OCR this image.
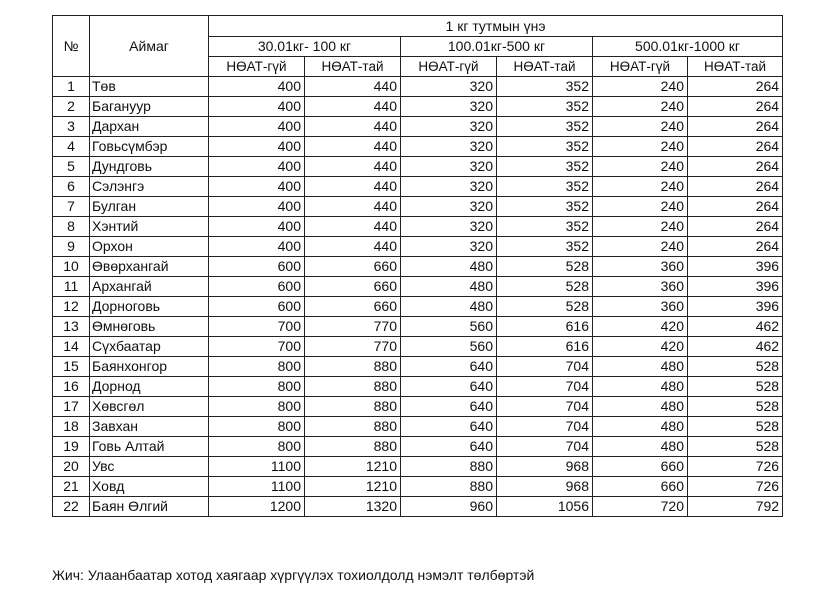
№	Аймаг	1 кг тутмын үнэ					
		30.01кг- 100 кг		100.01кг-500 кг		500.01кг-1000 кг	
		НӨАТ-гүй	НӨАТ-тай	НӨАТ-гүй	НӨАТ-тай	НӨАТ-гүй	НӨАТ-тай
1	Төв	400	440	320	352	240	264
2	Багануур	400	440	320	352	240	264
3	Дархан	400	440	320	352	240	264
4	Говьсүмбэр	400	440	320	352	240	264
5	Дундговь	400	440	320	352	240	264
6	Сэлэнгэ	400	440	320	352	240	264
7	Булган	400	440	320	352	240	264
8	Хэнтий	400	440	320	352	240	264
9	Орхон	400	440	320	352	240	264
10	Өвөрхангай	600	660	480	528	360	396
11	Архангай	600	660	480	528	360	396
12	Дорноговь	600	660	480	528	360	396
13	Өмнөговь	700	770	560	616	420	462
14	Сүхбаатар	700	770	560	616	420	462
15	Баянхонгор	800	880	640	704	480	528
16	Дорнод	800	880	640	704	480	528
17	Хөвсгөл	800	880	640	704	480	528
18	Завхан	800	880	640	704	480	528
19	Говь Алтай	800	880	640	704	480	528
20	Увс	1100	1210	880	968	660	726
21	Ховд	1100	1210	880	968	660	726
22	Баян Өлгий	1200	1320	960	1056	720	792

Жич: Улаанбаатар хотод хаягаар хүргүүлэх тохиолдолд нэмэлт төлбөртэй
